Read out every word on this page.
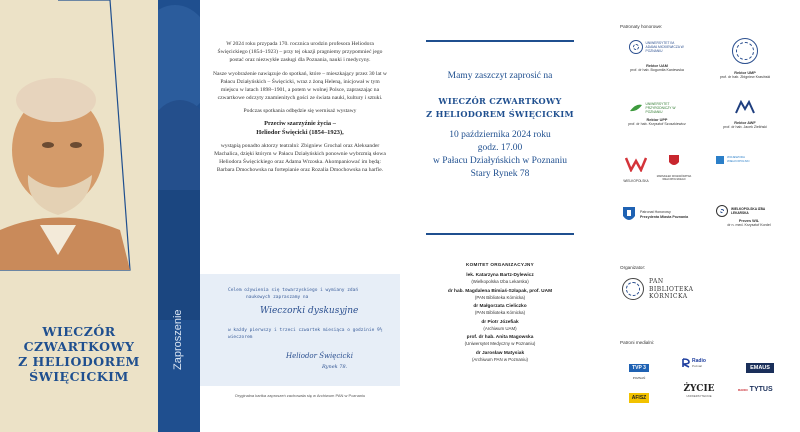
WIECZÓR
CZWARTKOWY
Z HELIODOREM
ŚWIĘCICKIM
Zaproszenie

W 2024 roku przypada 170. rocznica urodzin profesora Heliodora Święcickiego (1854–1923) – przy tej okazji pragniemy przypomnieć jego postać oraz niezwykłe zasługi dla Poznania, nauki i medycyny.

Nasze wyobrażenie nawiązuje do spotkań, które – mieszkający przez 30 lat w Pałacu Działyńskich – Święcicki, wraz z żoną Heleną, inicjował w tym miejscu w latach 1898–1901, a potem w wolnej Polsce, zapraszając na czwartkowe odczyty znamienitych gości ze świata nauki, kultury i sztuki.

Podczas spotkania odbędzie się wernisaż wystawy

Przeciw szarzyźnie życia –
Heliodor Święcicki (1854–1923),

wystąpią ponadto aktorzy teatralni: Zbigniew Grochal oraz Aleksander Machalica, dzięki którym w Pałacu Działyńskich ponownie wybrzmią słowa Heliodora Święcickiego oraz Adama Wrzoska. Akompaniować im będą: Barbara Dmochowska na fortepianie oraz Rozalia Dmochowska na harfie.

Celem ożywienia się towarzyskiego i wymiany zdań
naukowych zapraszamy na
Wieczorki dyskusyjne
w każdy pierwszy i trzeci czwartek miesiąca o godzinie 9½
wieczorem
Heliodor Święcicki
Rynek 78.
Oryginalna kartka zaproszeń zachowała się w Archiwum PAN w Poznaniu
Mamy zaszczyt zaprosić na
WIECZÓR CZWARTKOWY
Z HELIODOREM ŚWIĘCICKIM
10 października 2024 roku
godz. 17.00
w Pałacu Działyńskich w Poznaniu
Stary Rynek 78
KOMITET ORGANIZACYJNY
lek. Katarzyna Bartz-Dylewicz
(Wielkopolska Izba Lekarska)
dr hab. Magdalena Bimiaś-Szłapak, prof. UAM
(PAN Biblioteka Kórnicka)
dr Małgorzata Cieliczko
(PAN Biblioteka Kórnicka)
dr Piotr Józefiak
(Archiwum UAM)
prof. dr hab. Anita Magowska
(Uniwersytet Medyczny w Poznaniu)
dr Jarosław Matysiak
(Archiwum PAN w Poznaniu)
Patronaty honorowe:
UNIWERSYTET IM. ADAMA MICKIEWICZA W POZNANIU
Rektor UAM
prof. dr hab. Bogumiła Kaniewska
Rektor UMP
prof. dr hab. Zbigniew Krasiński
UNIWERSYTET PRZYRODNICZY W POZNANIU
Rektor UPP
prof. dr hab. Krzysztof Szoszkiewicz	Rektor AWF
prof. dr hab. Jacek Zieliński
WIELKOPOLSKA
MARSZAŁEK WOJEWÓDZTWA WIELKOPOLSKIEGO
WOJEWODA WIELKOPOLSKI
Patronat Honorowy
Prezydenta Miasta Poznania
WIELKOPOLSKA IZBA LEKARSKA
Prezes WIL
dr n. med. Krzysztof Kordel
Organizator:
PAN
BIBLIOTEKA
KÓRNICKA
Patroni medialni:
TVP 3
POZNAŃ
Radio
Poznań	EMAUS
AFISZ
ŻYCIE
UNIWERSYTECKIE
RADIO TYTUS
